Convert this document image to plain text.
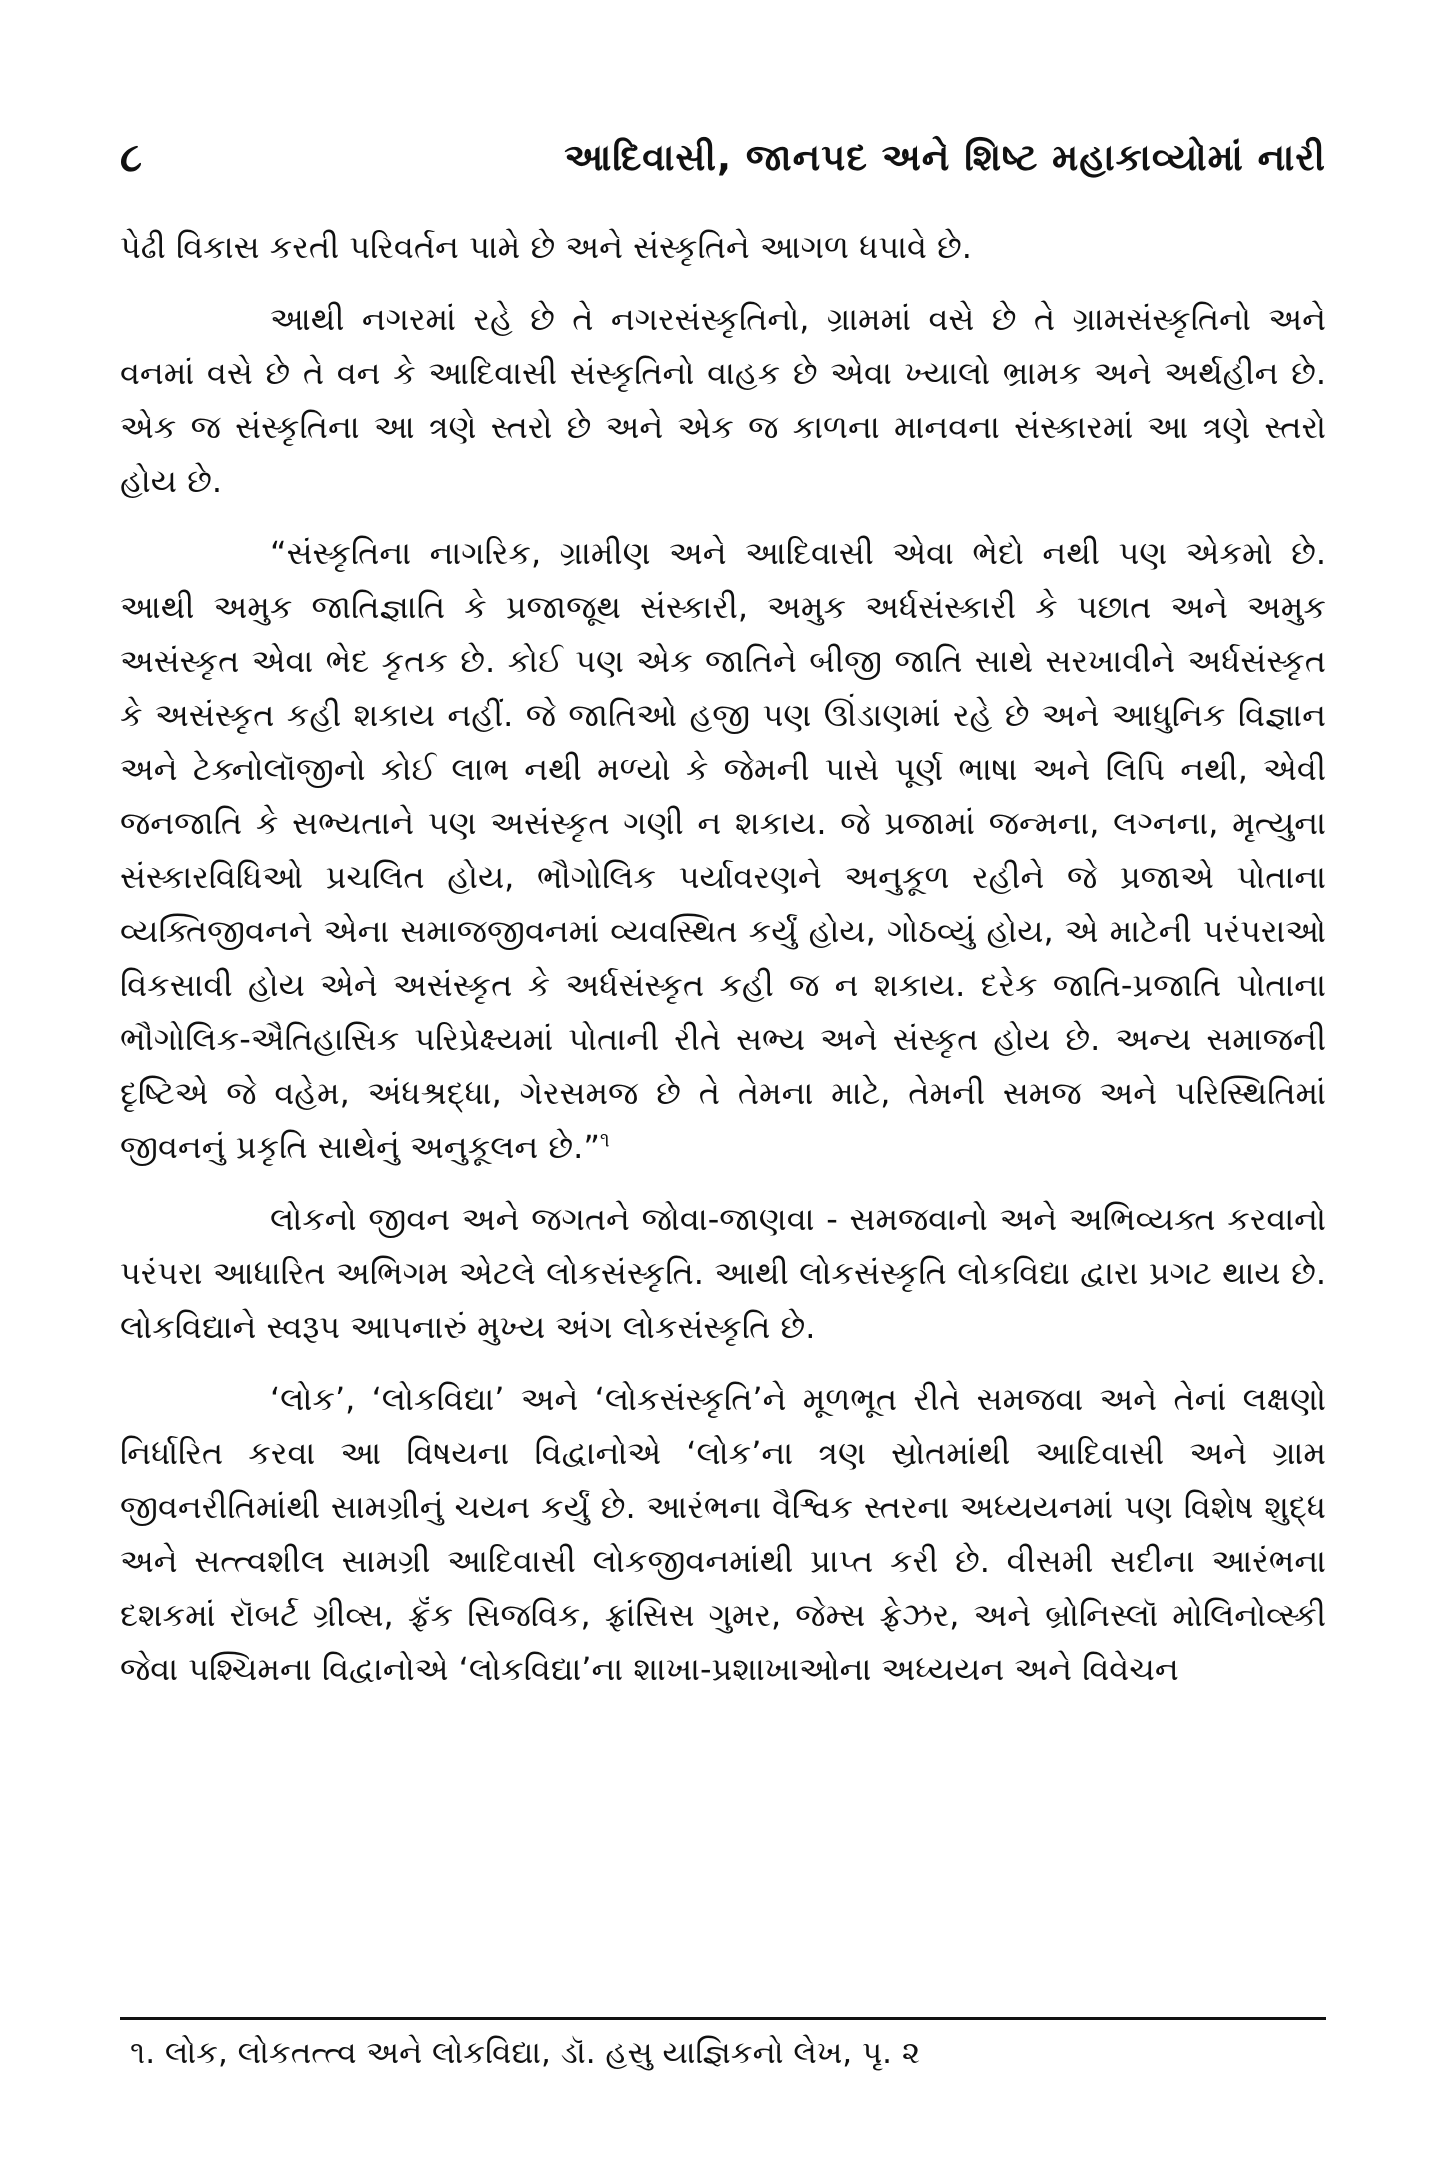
૮	આદિવાસી, જાનપદ અને શિષ્ટ મહાકાવ્યોમાં નારી

પેઢી વિકાસ કરતી પરિવર્તન પામે છે અને સંસ્કૃતિને આગળ ધપાવે છે.

આથી નગરમાં રહે છે તે નગરસંસ્કૃતિનો, ગ્રામમાં વસે છે તે ગ્રામસંસ્કૃતિનો અને વનમાં વસે છે તે વન કે આદિવાસી સંસ્કૃતિનો વાહક છે એવા ખ્યાલો ભ્રામક અને અર્થહીન છે. એક જ સંસ્કૃતિના આ ત્રણે સ્તરો છે અને એક જ કાળના માનવના સંસ્કારમાં આ ત્રણે સ્તરો હોય છે.

“સંસ્કૃતિના નાગરિક, ગ્રામીણ અને આદિવાસી એવા ભેદો નથી પણ એકમો છે. આથી અમુક જાતિજ્ઞાતિ કે પ્રજાજૂથ સંસ્કારી, અમુક અર્ધસંસ્કારી કે પછાત અને અમુક અસંસ્કૃત એવા ભેદ કૃતક છે. કોઈ પણ એક જાતિને બીજી જાતિ સાથે સરખાવીને અર્ધસંસ્કૃત કે અસંસ્કૃત કહી શકાય નહીં. જે જાતિઓ હજી પણ ઊંડાણમાં રહે છે અને આધુનિક વિજ્ઞાન અને ટેક્નોલૉજીનો કોઈ લાભ નથી મળ્યો કે જેમની પાસે પૂર્ણ ભાષા અને લિપિ નથી, એવી જનજાતિ કે સભ્યતાને પણ અસંસ્કૃત ગણી ન શકાય. જે પ્રજામાં જન્મના, લગ્નના, મૃત્યુના સંસ્કારવિધિઓ પ્રચલિત હોય, ભૌગોલિક પર્યાવરણને અનુકૂળ રહીને જે પ્રજાએ પોતાના વ્યક્તિજીવનને એના સમાજજીવનમાં વ્યવસ્થિત કર્યું હોય, ગોઠવ્યું હોય, એ માટેની પરંપરાઓ વિકસાવી હોય એને અસંસ્કૃત કે અર્ધસંસ્કૃત કહી જ ન શકાય. દરેક જાતિ-પ્રજાતિ પોતાના ભૌગોલિક-ઐતિહાસિક પરિપ્રેક્ષ્યમાં પોતાની રીતે સભ્ય અને સંસ્કૃત હોય છે. અન્ય સમાજની દૃષ્ટિએ જે વહેમ, અંધશ્રદ્ધા, ગેરસમજ છે તે તેમના માટે, તેમની સમજ અને પરિસ્થિતિમાં જીવનનું પ્રકૃતિ સાથેનું અનુકૂલન છે.”$^૧$

લોકનો જીવન અને જગતને જોવા-જાણવા - સમજવાનો અને અભિવ્યક્ત કરવાનો પરંપરા આધારિત અભિગમ એટલે લોકસંસ્કૃતિ. આથી લોકસંસ્કૃતિ લોકવિદ્યા દ્વારા પ્રગટ થાય છે. લોકવિદ્યાને સ્વરૂપ આપનારું મુખ્ય અંગ લોકસંસ્કૃતિ છે.

‘લોક’, ‘લોકવિદ્યા’ અને ‘લોકસંસ્કૃતિ’ને મૂળભૂત રીતે સમજવા અને તેનાં લક્ષણો નિર્ધારિત કરવા આ વિષયના વિદ્વાનોએ ‘લોક’ના ત્રણ સ્રોતમાંથી આદિવાસી અને ગ્રામ જીવનરીતિમાંથી સામગ્રીનું ચયન કર્યું છે. આરંભના વૈશ્વિક સ્તરના અધ્યયનમાં પણ વિશેષ શુદ્ધ અને સત્ત્વશીલ સામગ્રી આદિવાસી લોકજીવનમાંથી પ્રાપ્ત કરી છે. વીસમી સદીના આરંભના દશકમાં રૉબર્ટ ગ્રીવ્સ, ફ્રૅંક સિજવિક, ફ્રાંસિસ ગુમર, જેમ્સ ફ્રેઝર, અને બ્રોનિસ્લૉ મોલિનોવ્સ્કી જેવા પશ્ચિમના વિદ્વાનોએ ‘લોકવિદ્યા’ના શાખા-પ્રશાખાઓના અધ્યયન અને વિવેચન

૧. લોક, લોકતત્ત્વ અને લોકવિદ્યા, ડૉ. હસુ યાજ્ઞિકનો લેખ, પૃ. ૨
